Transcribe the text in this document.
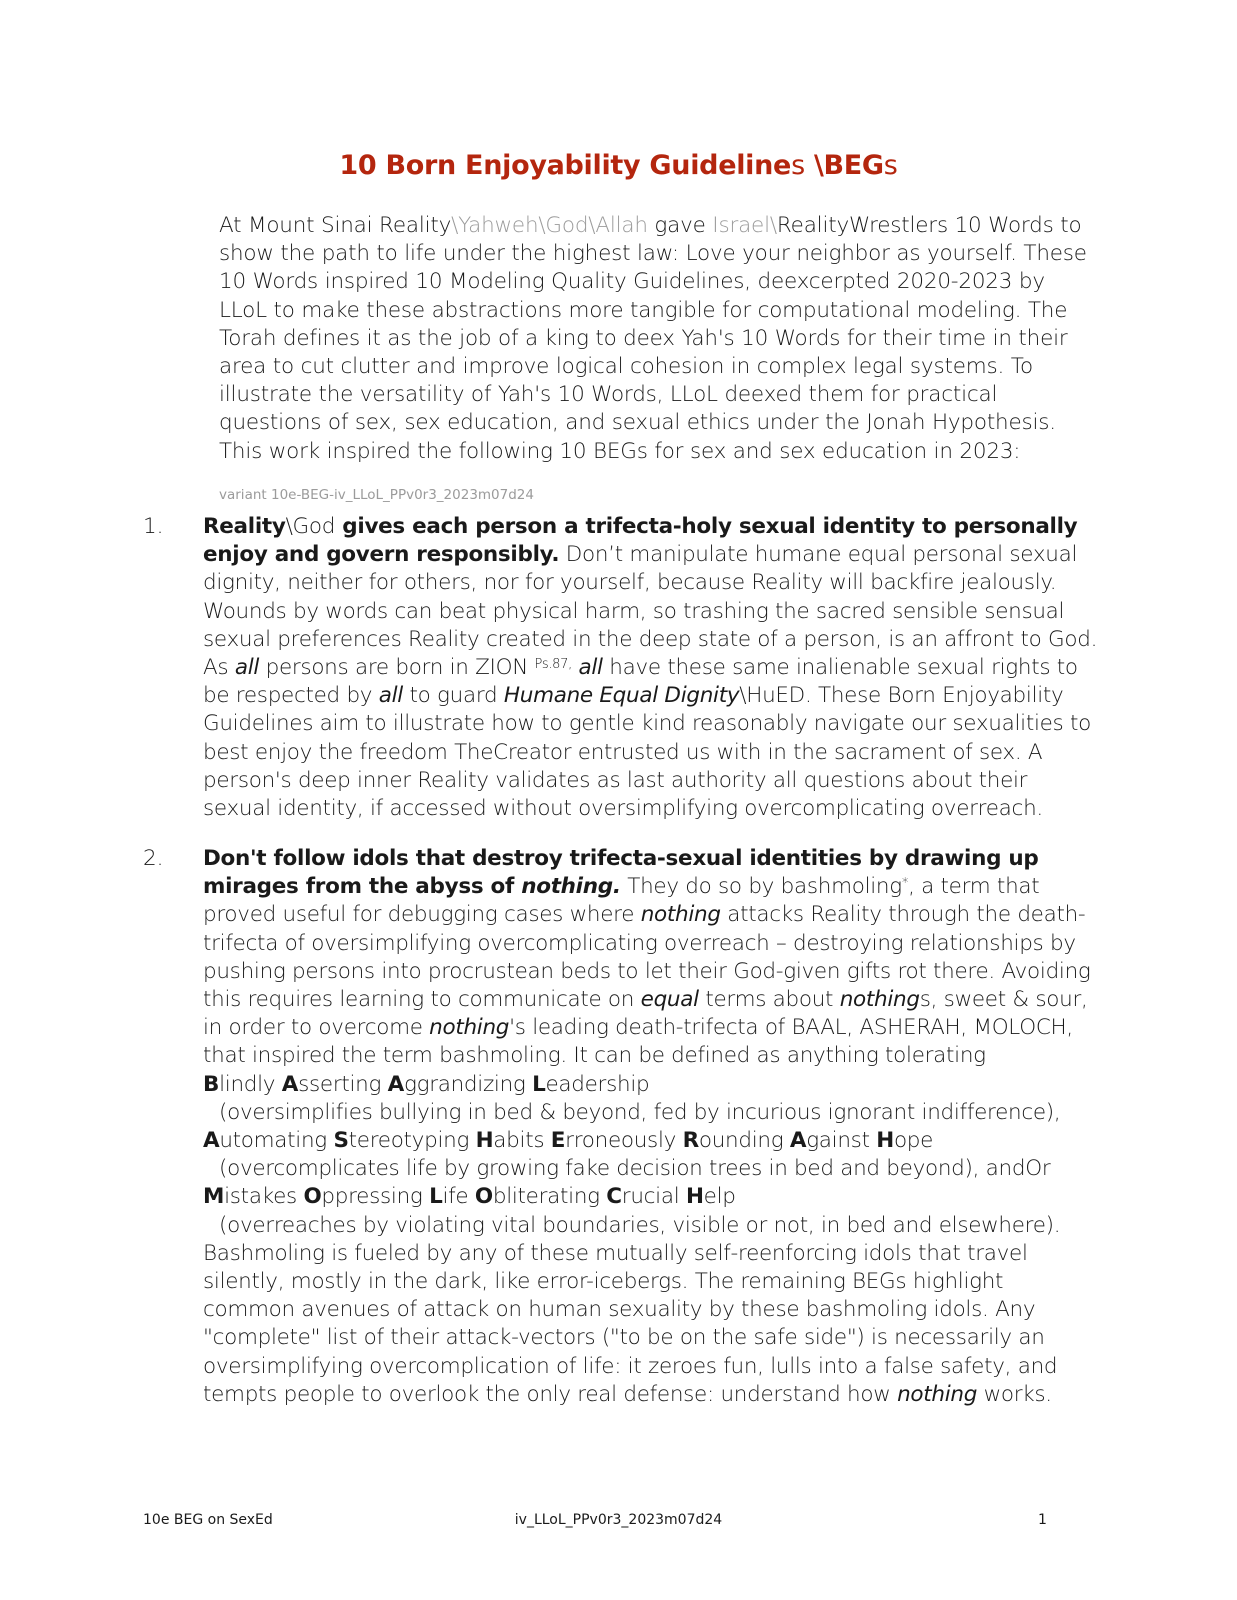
10 Born Enjoyability Guidelines \BEGs

At Mount Sinai Reality\Yahweh\God\Allah gave Israel\RealityWrestlers 10 Words to show the path to life under the highest law: Love your neighbor as yourself. These 10 Words inspired 10 Modeling Quality Guidelines, deexcerpted 2020-2023 by LLoL to make these abstractions more tangible for computational modeling. The Torah defines it as the job of a king to deex Yah's 10 Words for their time in their area to cut clutter and improve logical cohesion in complex legal systems. To illustrate the versatility of Yah's 10 Words, LLoL deexed them for practical questions of sex, sex education, and sexual ethics under the Jonah Hypothesis. This work inspired the following 10 BEGs for sex and sex education in 2023:

variant 10e-BEG-iv_LLoL_PPv0r3_2023m07d24

1. Reality\God gives each person a trifecta-holy sexual identity to personally enjoy and govern responsibly. Don’t manipulate humane equal personal sexual dignity, neither for others, nor for yourself, because Reality will backfire jealously. Wounds by words can beat physical harm, so trashing the sacred sensible sensual sexual preferences Reality created in the deep state of a person, is an affront to God. As all persons are born in ZION $^{Ps.87,}$ all have these same inalienable sexual rights to be respected by all to guard Humane Equal Dignity\HuED. These Born Enjoyability Guidelines aim to illustrate how to gentle kind reasonably navigate our sexualities to best enjoy the freedom TheCreator entrusted us with in the sacrament of sex. A person's deep inner Reality validates as last authority all questions about their sexual identity, if accessed without oversimplifying overcomplicating overreach.

2. Don't follow idols that destroy trifecta-sexual identities by drawing up mirages from the abyss of nothing. They do so by bashmoling*, a term that proved useful for debugging cases where nothing attacks Reality through the death-trifecta of oversimplifying overcomplicating overreach – destroying relationships by pushing persons into procrustean beds to let their God-given gifts rot there. Avoiding this requires learning to communicate on equal terms about nothings, sweet & sour, in order to overcome nothing's leading death-trifecta of BAAL, ASHERAH, MOLOCH, that inspired the term bashmoling. It can be defined as anything tolerating
Blindly Asserting Aggrandizing Leadership
(oversimplifies bullying in bed & beyond, fed by incurious ignorant indifference),
Automating Stereotyping Habits Erroneously Rounding Against Hope
(overcomplicates life by growing fake decision trees in bed and beyond), andOr
Mistakes Oppressing Life Obliterating Crucial Help
(overreaches by violating vital boundaries, visible or not, in bed and elsewhere).
Bashmoling is fueled by any of these mutually self-reenforcing idols that travel silently, mostly in the dark, like error-icebergs. The remaining BEGs highlight common avenues of attack on human sexuality by these bashmoling idols. Any "complete" list of their attack-vectors ("to be on the safe side") is necessarily an oversimplifying overcomplication of life: it zeroes fun, lulls into a false safety, and tempts people to overlook the only real defense: understand how nothing works.

10e BEG on SexEd	iv_LLoL_PPv0r3_2023m07d24	1
